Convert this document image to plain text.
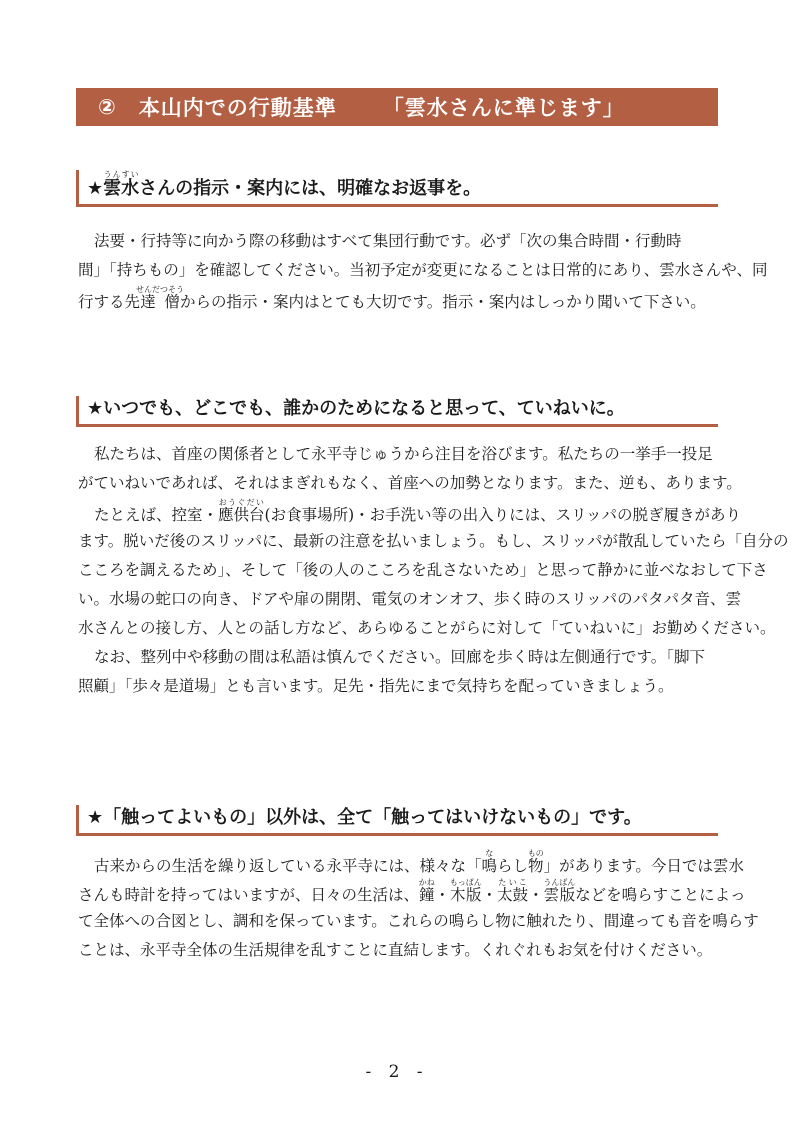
② 本山内での行動基準 「雲水さんに準じます」
★雲水うんすいさんの指示・案内には、明確なお返事を。
法要・行持等に向かう際の移動はすべて集団行動です。必ず「次の集合時間・行動時
間」「持ちもの」を確認してください。当初予定が変更になることは日常的にあり、雲水さんや、同
行する先達僧せんだつそうからの指示・案内はとても大切です。指示・案内はしっかり聞いて下さい。
★いつでも、どこでも、誰かのためになると思って、ていねいに。
私たちは、首座の関係者として永平寺じゅうから注目を浴びます。私たちの一挙手一投足
がていねいであれば、それはまぎれもなく、首座への加勢となります。また、逆も、あります。
たとえば、控室・應供台おうぐだい(お食事場所)・お手洗い等の出入りには、スリッパの脱ぎ履きがあり
ます。脱いだ後のスリッパに、最新の注意を払いましょう。もし、スリッパが散乱していたら「自分の
こころを調えるため」、そして「後の人のこころを乱さないため」と思って静かに並べなおして下さ
い。水場の蛇口の向き、ドアや扉の開閉、電気のオンオフ、歩く時のスリッパのパタパタ音、雲
水さんとの接し方、人との話し方など、あらゆることがらに対して「ていねいに」お勤めください。
なお、整列中や移動の間は私語は慎んでください。回廊を歩く時は左側通行です。「脚下
照顧」「歩々是道場」とも言います。足先・指先にまで気持ちを配っていきましょう。
★「触ってよいもの」以外は、全て「触ってはいけないもの」です。
古来からの生活を繰り返している永平寺には、様々な「鳴ならし物もの」があります。今日では雲水
さんも時計を持ってはいますが、日々の生活は、鐘かね・木版もっぱん・太鼓たいこ・雲版うんばんなどを鳴らすことによっ
て全体への合図とし、調和を保っています。これらの鳴らし物に触れたり、間違っても音を鳴らす
ことは、永平寺全体の生活規律を乱すことに直結します。くれぐれもお気を付けください。
- 2 -
